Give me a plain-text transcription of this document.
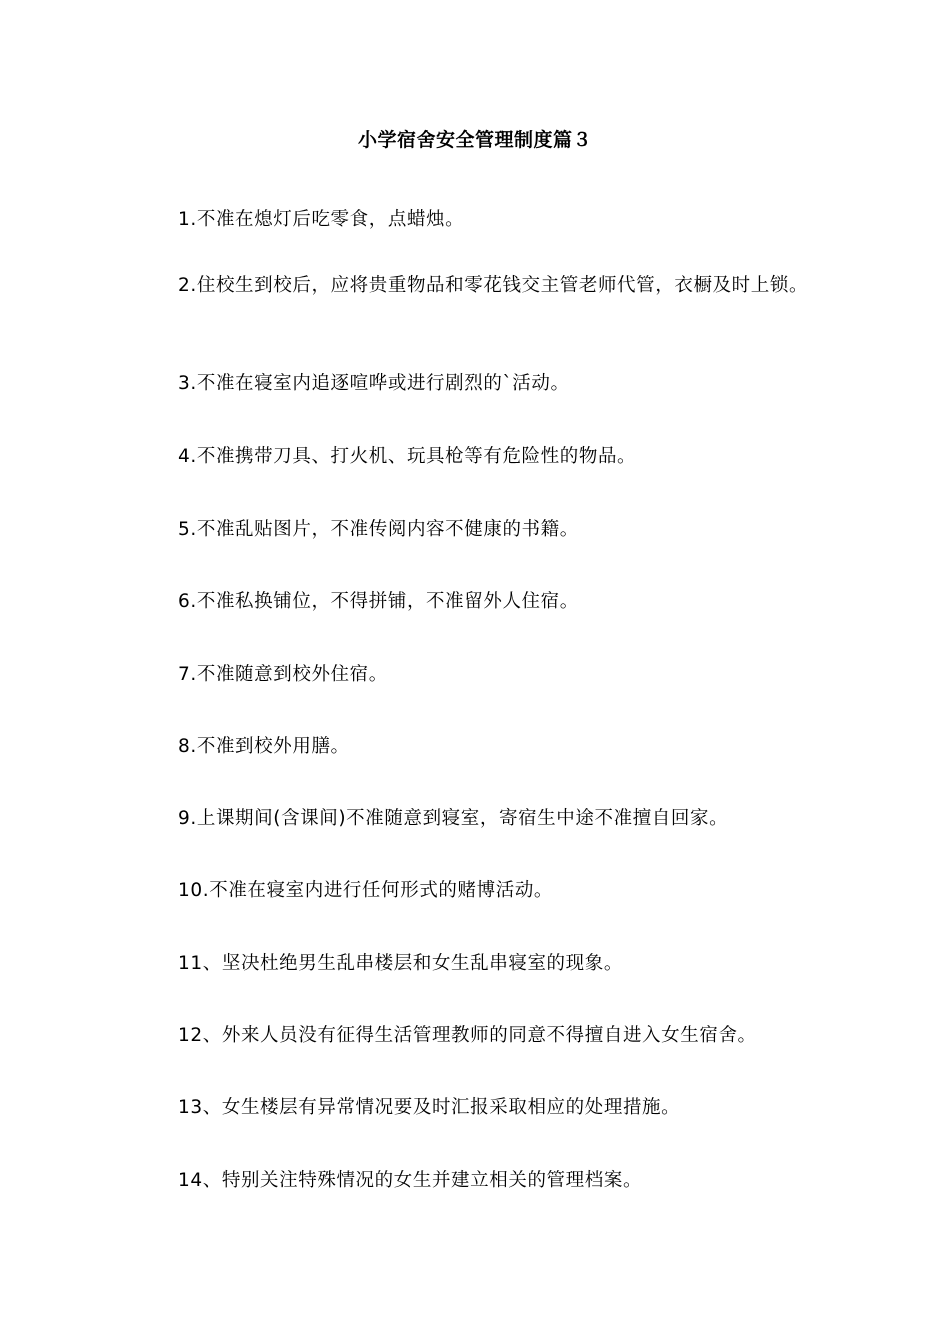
小学宿舍安全管理制度篇３

1.不准在熄灯后吃零食，点蜡烛。

2.住校生到校后，应将贵重物品和零花钱交主管老师代管，衣橱及时上锁。

3.不准在寝室内追逐喧哗或进行剧烈的`活动。

4.不准携带刀具、打火机、玩具枪等有危险性的物品。

5.不准乱贴图片，不准传阅内容不健康的书籍。

6.不准私换铺位，不得拼铺，不准留外人住宿。

7.不准随意到校外住宿。

8.不准到校外用膳。

9.上课期间(含课间)不准随意到寝室，寄宿生中途不准擅自回家。

10.不准在寝室内进行任何形式的赌博活动。

11、坚决杜绝男生乱串楼层和女生乱串寝室的现象。

12、外来人员没有征得生活管理教师的同意不得擅自进入女生宿舍。

13、女生楼层有异常情况要及时汇报采取相应的处理措施。

14、特别关注特殊情况的女生并建立相关的管理档案。
